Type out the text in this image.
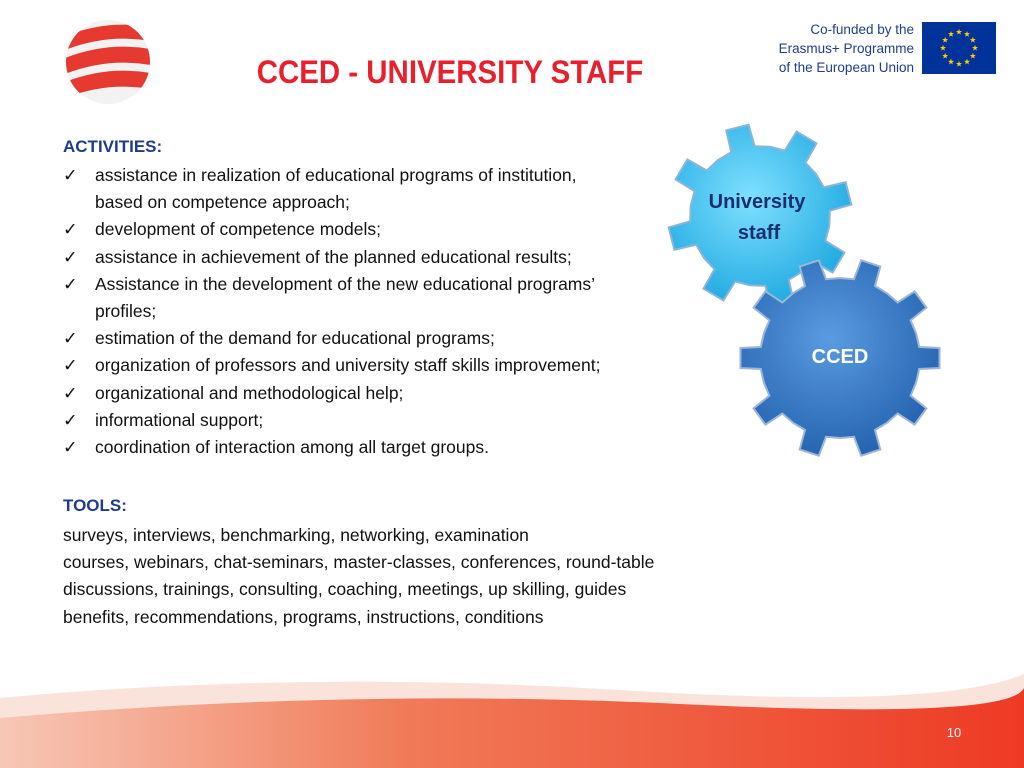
CCED - UNIVERSITY STAFF
Co-funded by the
Erasmus+ Programme
of the European Union
ACTIVITIES:
✓ assistance in realization of educational programs of institution,
based on competence approach;
✓ development of competence models;
✓ assistance in achievement of the planned educational results;
✓ Assistance in the development of the new educational programs’
profiles;
✓ estimation of the demand for educational programs;
✓ organization of professors and university staff skills improvement;
✓ organizational and methodological help;
✓ informational support;
✓ coordination of interaction among all target groups.
TOOLS:
surveys, interviews, benchmarking, networking, examination
courses, webinars, chat-seminars, master-classes, conferences, round-table
discussions, trainings, consulting, coaching, meetings, up skilling, guides
benefits, recommendations, programs, instructions, conditions
University
staff
CCED
10
